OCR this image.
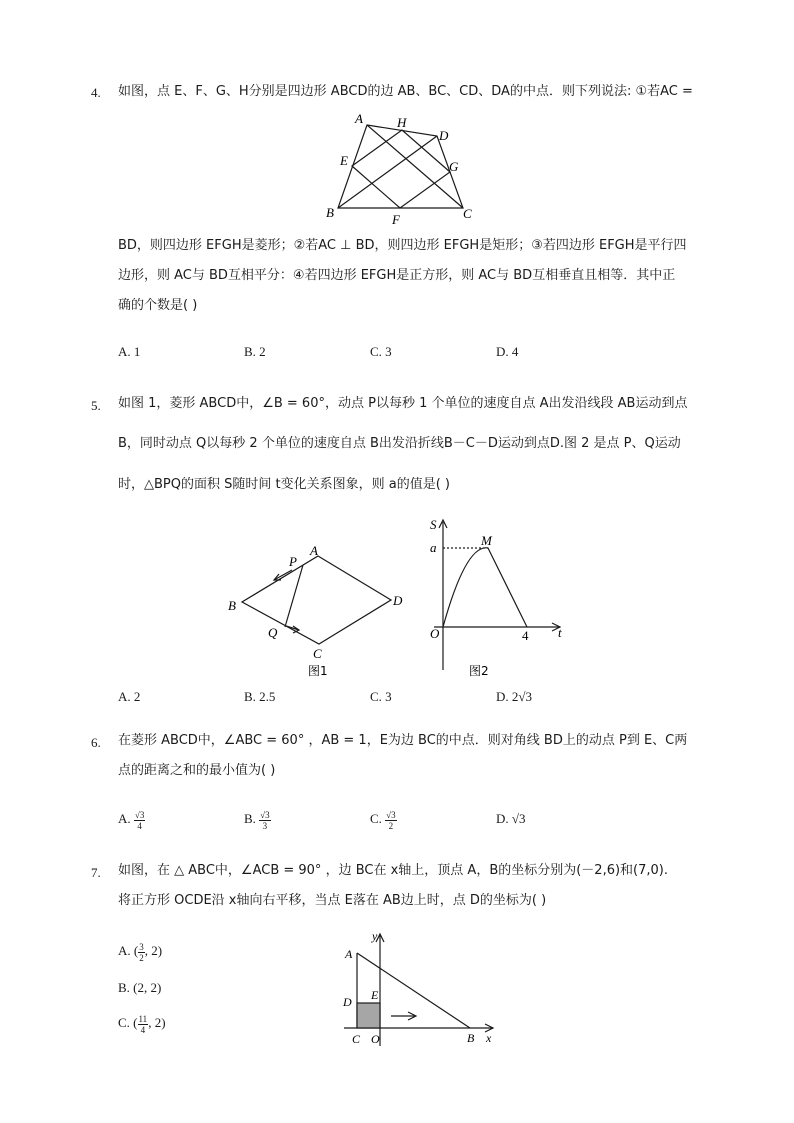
4. 如图，点 E、F、G、H分别是四边形 ABCD的边 AB、BC、CD、DA的中点．则下列说法: ①若AC =
A	H
D
E	G
B	F	C
BD，则四边形 EFGH是菱形；②若AC ⊥ BD，则四边形 EFGH是矩形；③若四边形 EFGH是平行四
边形，则 AC与 BD互相平分：④若四边形 EFGH是正方形，则 AC与 BD互相垂直且相等．其中正
确的个数是( )
A. 1	B. 2	C. 3	D. 4
5. 如图 1，菱形 ABCD中，∠B = 60°，动点 P以每秒 1 个单位的速度自点 A出发沿线段 AB运动到点
B，同时动点 Q以每秒 2 个单位的速度自点 B出发沿折线B－C－D运动到点D.图 2 是点 P、Q运动
时，△BPQ的面积 S随时间 t变化关系图象，则 a的值是( )
P
A
B	D
Q
C
图1
S
a	M
O	4 t
图2
A. 2	B. 2.5	C. 3	D. 2√3
6. 在菱形 ABCD中，∠ABC = 60° ，AB = 1，E为边 BC的中点．则对角线 BD上的动点 P到 E、C两
点的距离之和的最小值为( )
A. $\frac{√3}{4}$	B. $\frac{√3}{3}$	C. $\frac{√3}{2}$	D. √3
7. 如图，在 △ ABC中，∠ACB = 90° ，边 BC在 x轴上，顶点 A，B的坐标分别为(－2,6)和(7,0).
将正方形 OCDE沿 x轴向右平移，当点 E落在 AB边上时，点 D的坐标为( )
A. ( $\frac{3}{2}$ , 2)
B. (2, 2)
C. ( $\frac{11}{4}$ , 2)
y
A
D E
C O	B x
